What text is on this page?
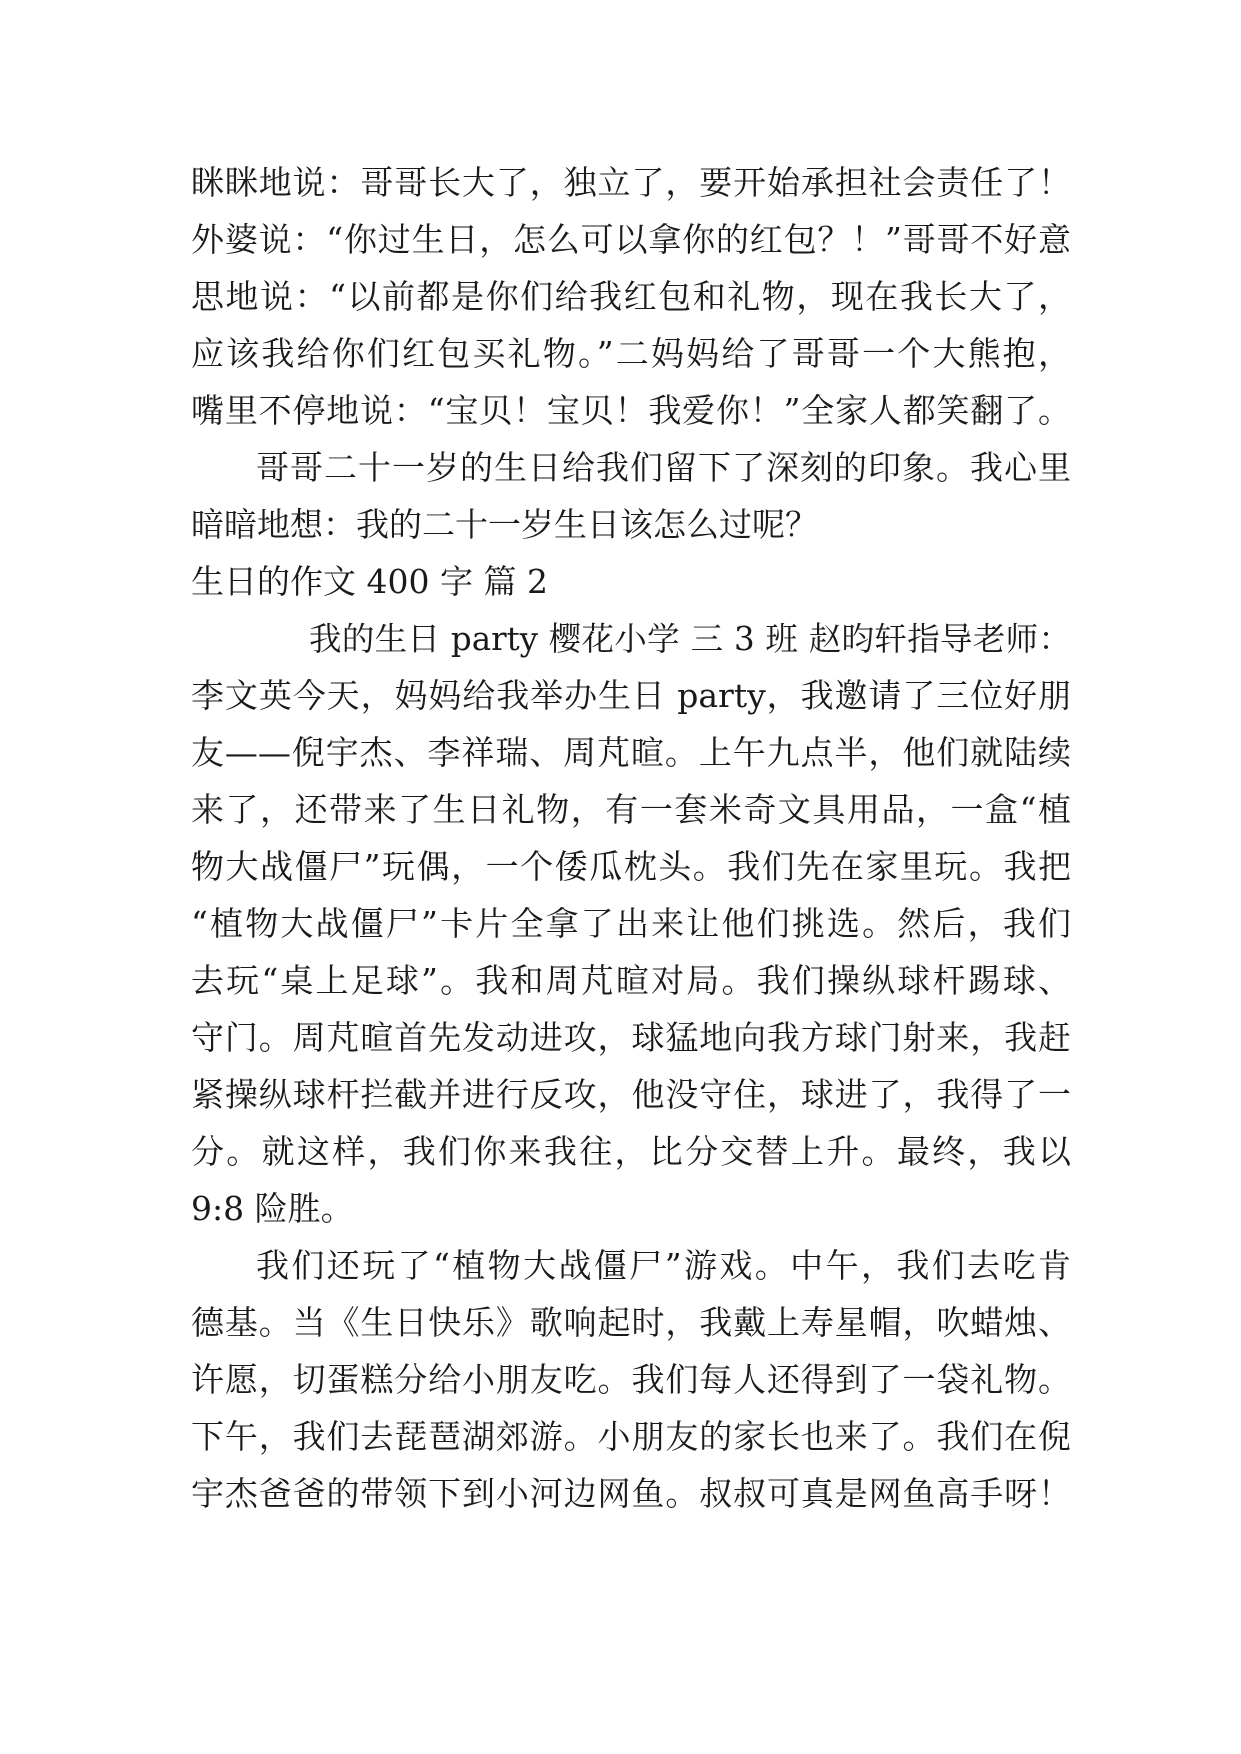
眯眯地说：哥哥长大了，独立了，要开始承担社会责任了！
外婆说：“你过生日，怎么可以拿你的红包？！”哥哥不好意
思地说：“以前都是你们给我红包和礼物，现在我长大了，
应该我给你们红包买礼物。”二妈妈给了哥哥一个大熊抱，
嘴里不停地说：“宝贝！宝贝！我爱你！”全家人都笑翻了。
哥哥二十一岁的生日给我们留下了深刻的印象。我心里
暗暗地想：我的二十一岁生日该怎么过呢？
生日的作文 400 字 篇 2
我的生日 party 樱花小学 三 3 班 赵昀轩指导老师：
李文英今天，妈妈给我举办生日 party，我邀请了三位好朋
友——倪宇杰、李祥瑞、周芃暄。上午九点半，他们就陆续
来了，还带来了生日礼物，有一套米奇文具用品，一盒“植
物大战僵尸”玩偶，一个倭瓜枕头。我们先在家里玩。我把
“植物大战僵尸”卡片全拿了出来让他们挑选。然后，我们
去玩“桌上足球”。我和周芃暄对局。我们操纵球杆踢球、
守门。周芃暄首先发动进攻，球猛地向我方球门射来，我赶
紧操纵球杆拦截并进行反攻，他没守住，球进了，我得了一
分。就这样，我们你来我往，比分交替上升。最终，我以
9:8 险胜。
我们还玩了“植物大战僵尸”游戏。中午，我们去吃肯
德基。当《生日快乐》歌响起时，我戴上寿星帽，吹蜡烛、
许愿，切蛋糕分给小朋友吃。我们每人还得到了一袋礼物。
下午，我们去琵琶湖郊游。小朋友的家长也来了。我们在倪
宇杰爸爸的带领下到小河边网鱼。叔叔可真是网鱼高手呀！
